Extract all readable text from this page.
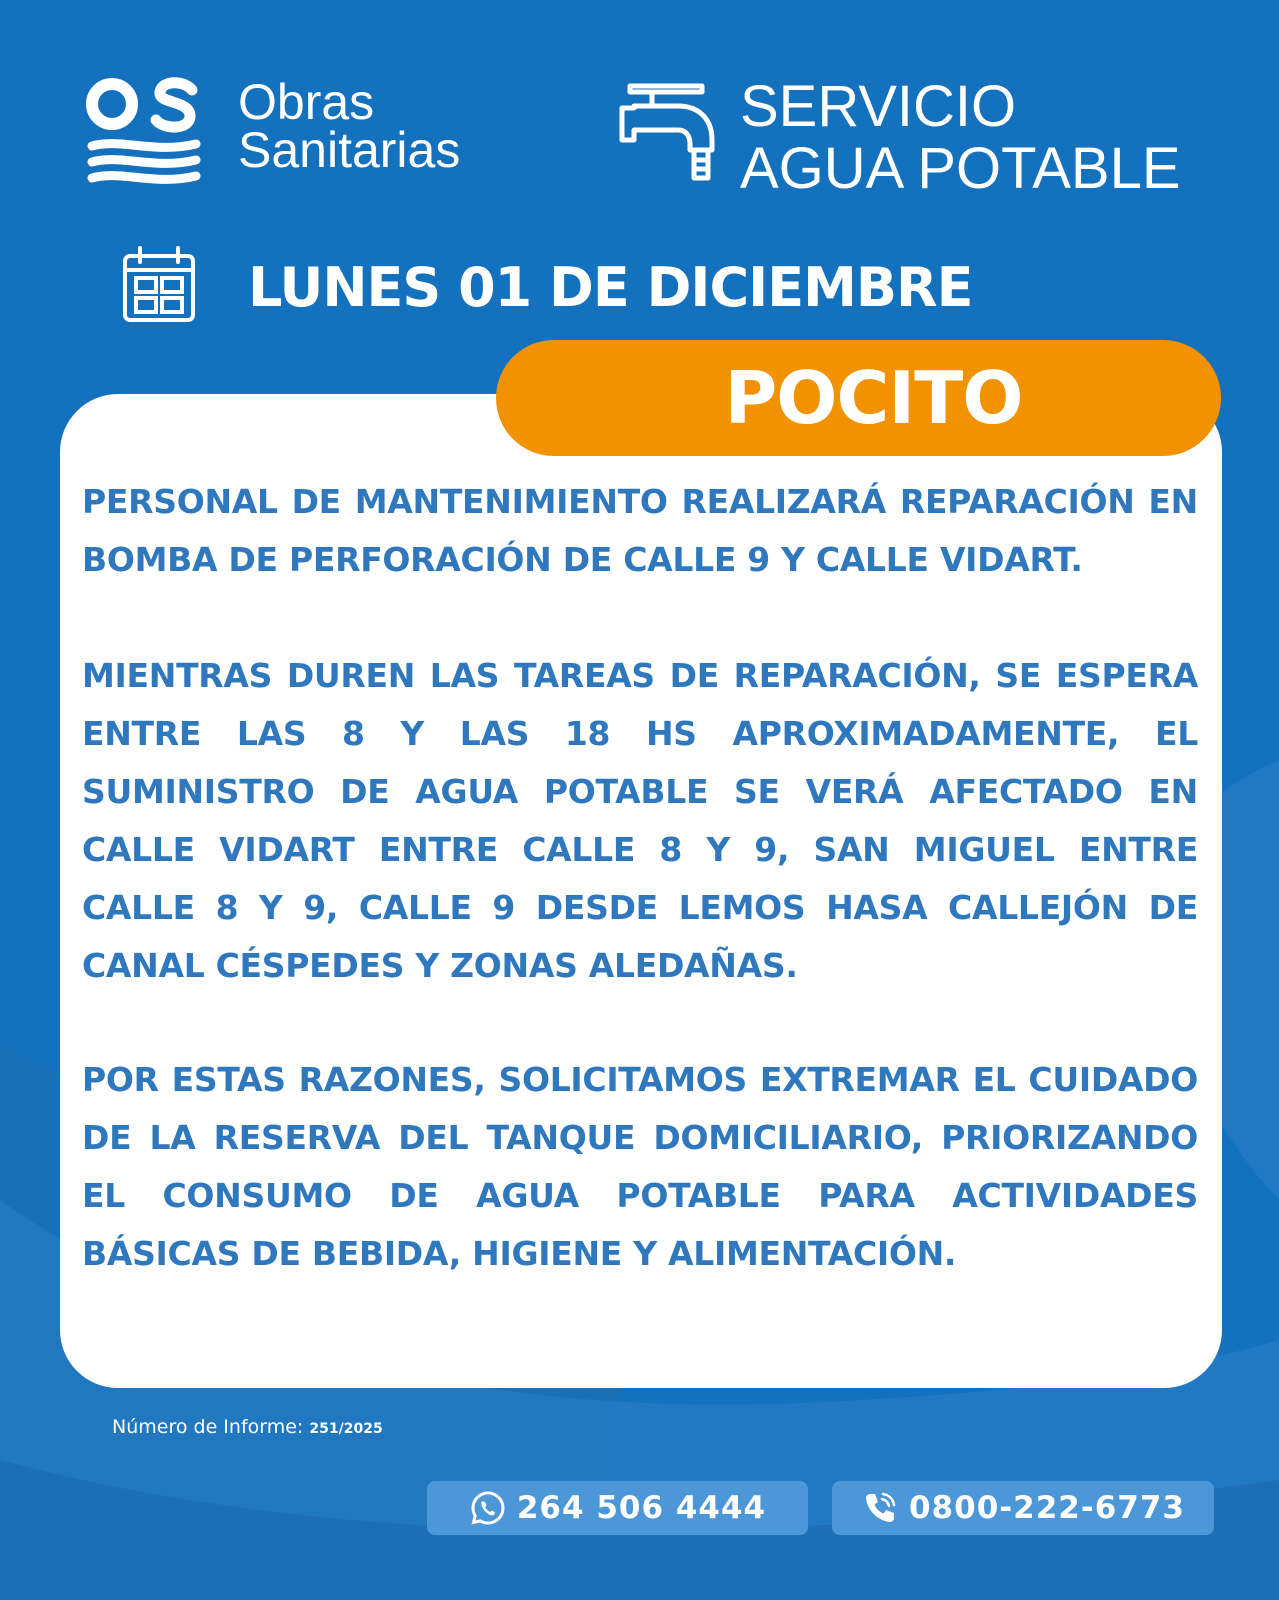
Obras
Sanitarias
SERVICIO
AGUA POTABLE
LUNES 01 DE DICIEMBRE
POCITO

PERSONAL DE MANTENIMIENTO REALIZARÁ REPARACIÓN EN BOMBA DE PERFORACIÓN DE CALLE 9 Y CALLE VIDART.

MIENTRAS DUREN LAS TAREAS DE REPARACIÓN, SE ESPERA ENTRE LAS 8 Y LAS 18 HS APROXIMADAMENTE, EL SUMINISTRO DE AGUA POTABLE SE VERÁ AFECTADO EN CALLE VIDART ENTRE CALLE 8 Y 9, SAN MIGUEL ENTRE CALLE 8 Y 9, CALLE 9 DESDE LEMOS HASA CALLEJÓN DE CANAL CÉSPEDES Y ZONAS ALEDAÑAS.

POR ESTAS RAZONES, SOLICITAMOS EXTREMAR EL CUIDADO DE LA RESERVA DEL TANQUE DOMICILIARIO, PRIORIZANDO EL CONSUMO DE AGUA POTABLE PARA ACTIVIDADES BÁSICAS DE BEBIDA, HIGIENE Y ALIMENTACIÓN.

Número de Informe: 251/2025
264 506 4444	0800-222-6773
